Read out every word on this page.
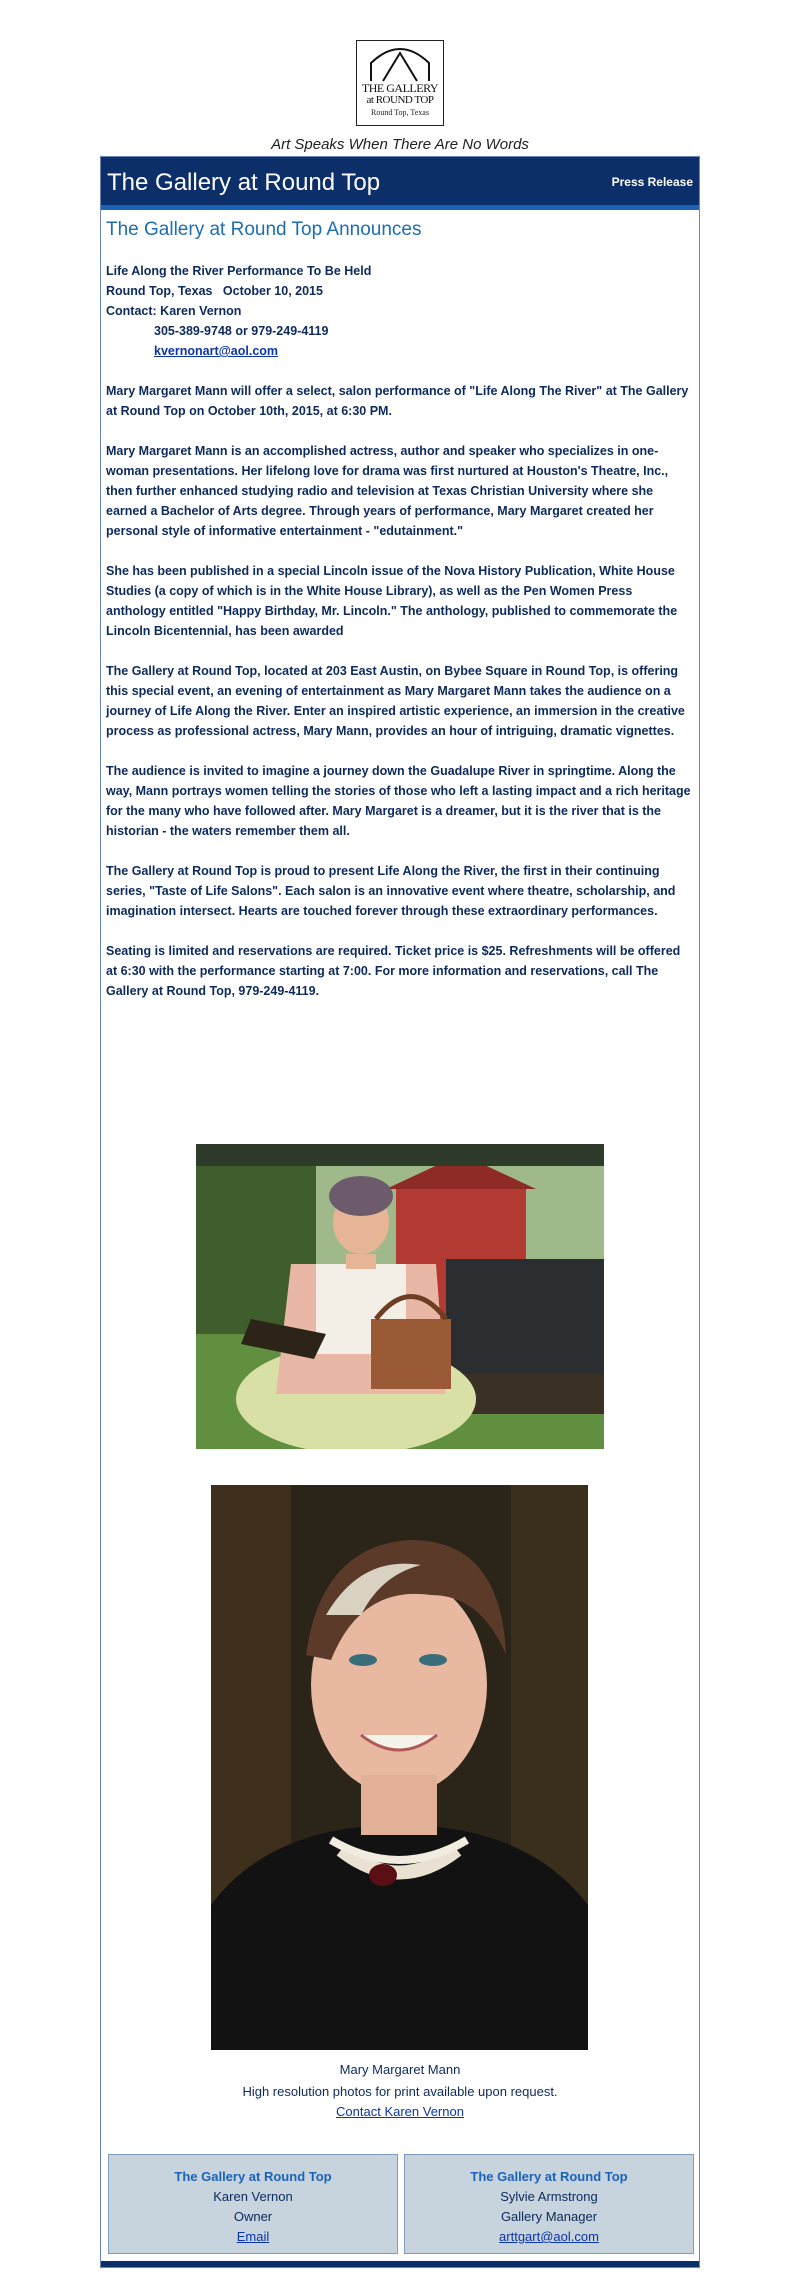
THE GALLERY
at ROUND TOP
Round Top, Texas
Art Speaks When There Are No Words
The Gallery at Round Top	Press Release
The Gallery at Round Top Announces

Life Along the River Performance To Be Held
Round Top, Texas   October 10, 2015
Contact: Karen Vernon
305-389-9748 or 979-249-4119
kvernonart@aol.com

Mary Margaret Mann will offer a select, salon performance of "Life Along The River" at The Gallery at Round Top on October 10th, 2015, at 6:30 PM.

Mary Margaret Mann is an accomplished actress, author and speaker who specializes in one-woman presentations. Her lifelong love for drama was first nurtured at Houston's Theatre, Inc., then further enhanced studying radio and television at Texas Christian University where she earned a Bachelor of Arts degree. Through years of performance, Mary Margaret created her personal style of informative entertainment - "edutainment."

She has been published in a special Lincoln issue of the Nova History Publication, White House Studies (a copy of which is in the White House Library), as well as the Pen Women Press anthology entitled "Happy Birthday, Mr. Lincoln." The anthology, published to commemorate the Lincoln Bicentennial, has been awarded

The Gallery at Round Top, located at 203 East Austin, on Bybee Square in Round Top, is offering this special event, an evening of entertainment as Mary Margaret Mann takes the audience on a journey of Life Along the River. Enter an inspired artistic experience, an immersion in the creative process as professional actress, Mary Mann, provides an hour of intriguing, dramatic vignettes.

The audience is invited to imagine a journey down the Guadalupe River in springtime. Along the way, Mann portrays women telling the stories of those who left a lasting impact and a rich heritage for the many who have followed after. Mary Margaret is a dreamer, but it is the river that is the historian - the waters remember them all.

The Gallery at Round Top is proud to present Life Along the River, the first in their continuing series, "Taste of Life Salons". Each salon is an innovative event where theatre, scholarship, and imagination intersect. Hearts are touched forever through these extraordinary performances.

Seating is limited and reservations are required. Ticket price is $25. Refreshments will be offered at 6:30 with the performance starting at 7:00. For more information and reservations, call The Gallery at Round Top, 979-249-4119.

Mary Margaret Mann
High resolution photos for print available upon request.
Contact Karen Vernon
The Gallery at Round Top
Karen Vernon
Owner
Email
The Gallery at Round Top
Sylvie Armstrong
Gallery Manager
arttgart@aol.com
